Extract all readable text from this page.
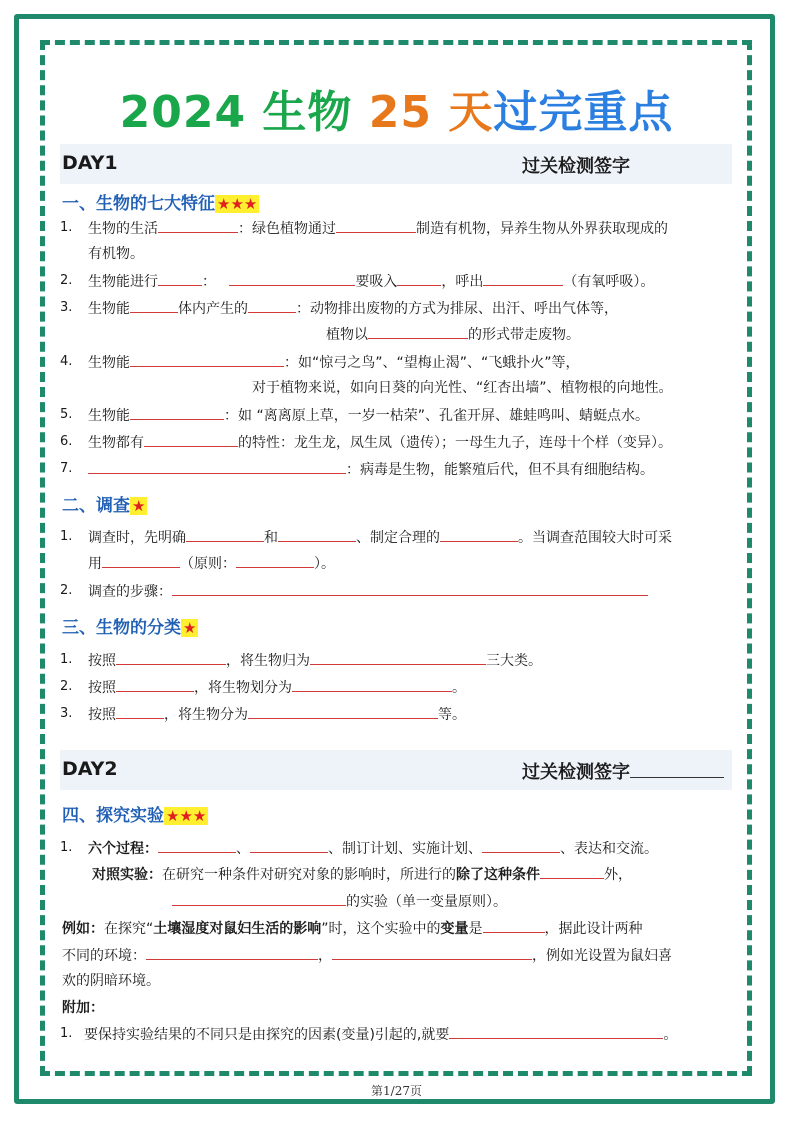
2024 生物 25 天过完重点
DAY1	过关检测签字
一、生物的七大特征 ★★★
1. 生物的生活	：绿色植物通过	制造有机物，异养生物从外界获取现成的
有机物。
2. 生物能进行	：	要吸入	，呼出	（有氧呼吸）。
3. 生物能	体内产生的	：动物排出废物的方式为排尿、出汗、呼出气体等，
植物以	的形式带走废物。
4. 生物能	：如“惊弓之鸟”、“望梅止渴”、“飞蛾扑火”等，
对于植物来说，如向日葵的向光性、“红杏出墙”、植物根的向地性。
5. 生物能	：如 “离离原上草，一岁一枯荣”、孔雀开屏、雄蛙鸣叫、蜻蜓点水。
6. 生物都有	的特性：龙生龙，凤生凤（遗传）；一母生九子，连母十个样（变异）。
7.	：病毒是生物，能繁殖后代，但不具有细胞结构。
二、调查 ★
1. 调查时，先明确	和	、制定合理的	。当调查范围较大时可采
用	（原则：	）。
2. 调查的步骤：
三、生物的分类 ★
1. 按照	，将生物归为	三大类。
2. 按照	，将生物划分为	。
3. 按照	，将生物分为	等。
DAY2	过关检测签字
四、探究实验 ★★★
1. 六个过程：	、	、制订计划、实施计划、	、表达和交流。
对照实验：在研究一种条件对研究对象的影响时，所进行的除了这种条件	外，
的实验（单一变量原则）。
例如：在探究“土壤湿度对鼠妇生活的影响”时，这个实验中的变量是	，据此设计两种
不同的环境：	，	，例如光设置为鼠妇喜
欢的阴暗环境。
附加：
1. 要保持实验结果的不同只是由探究的因素(变量)引起的,就要	。
第1/27页
